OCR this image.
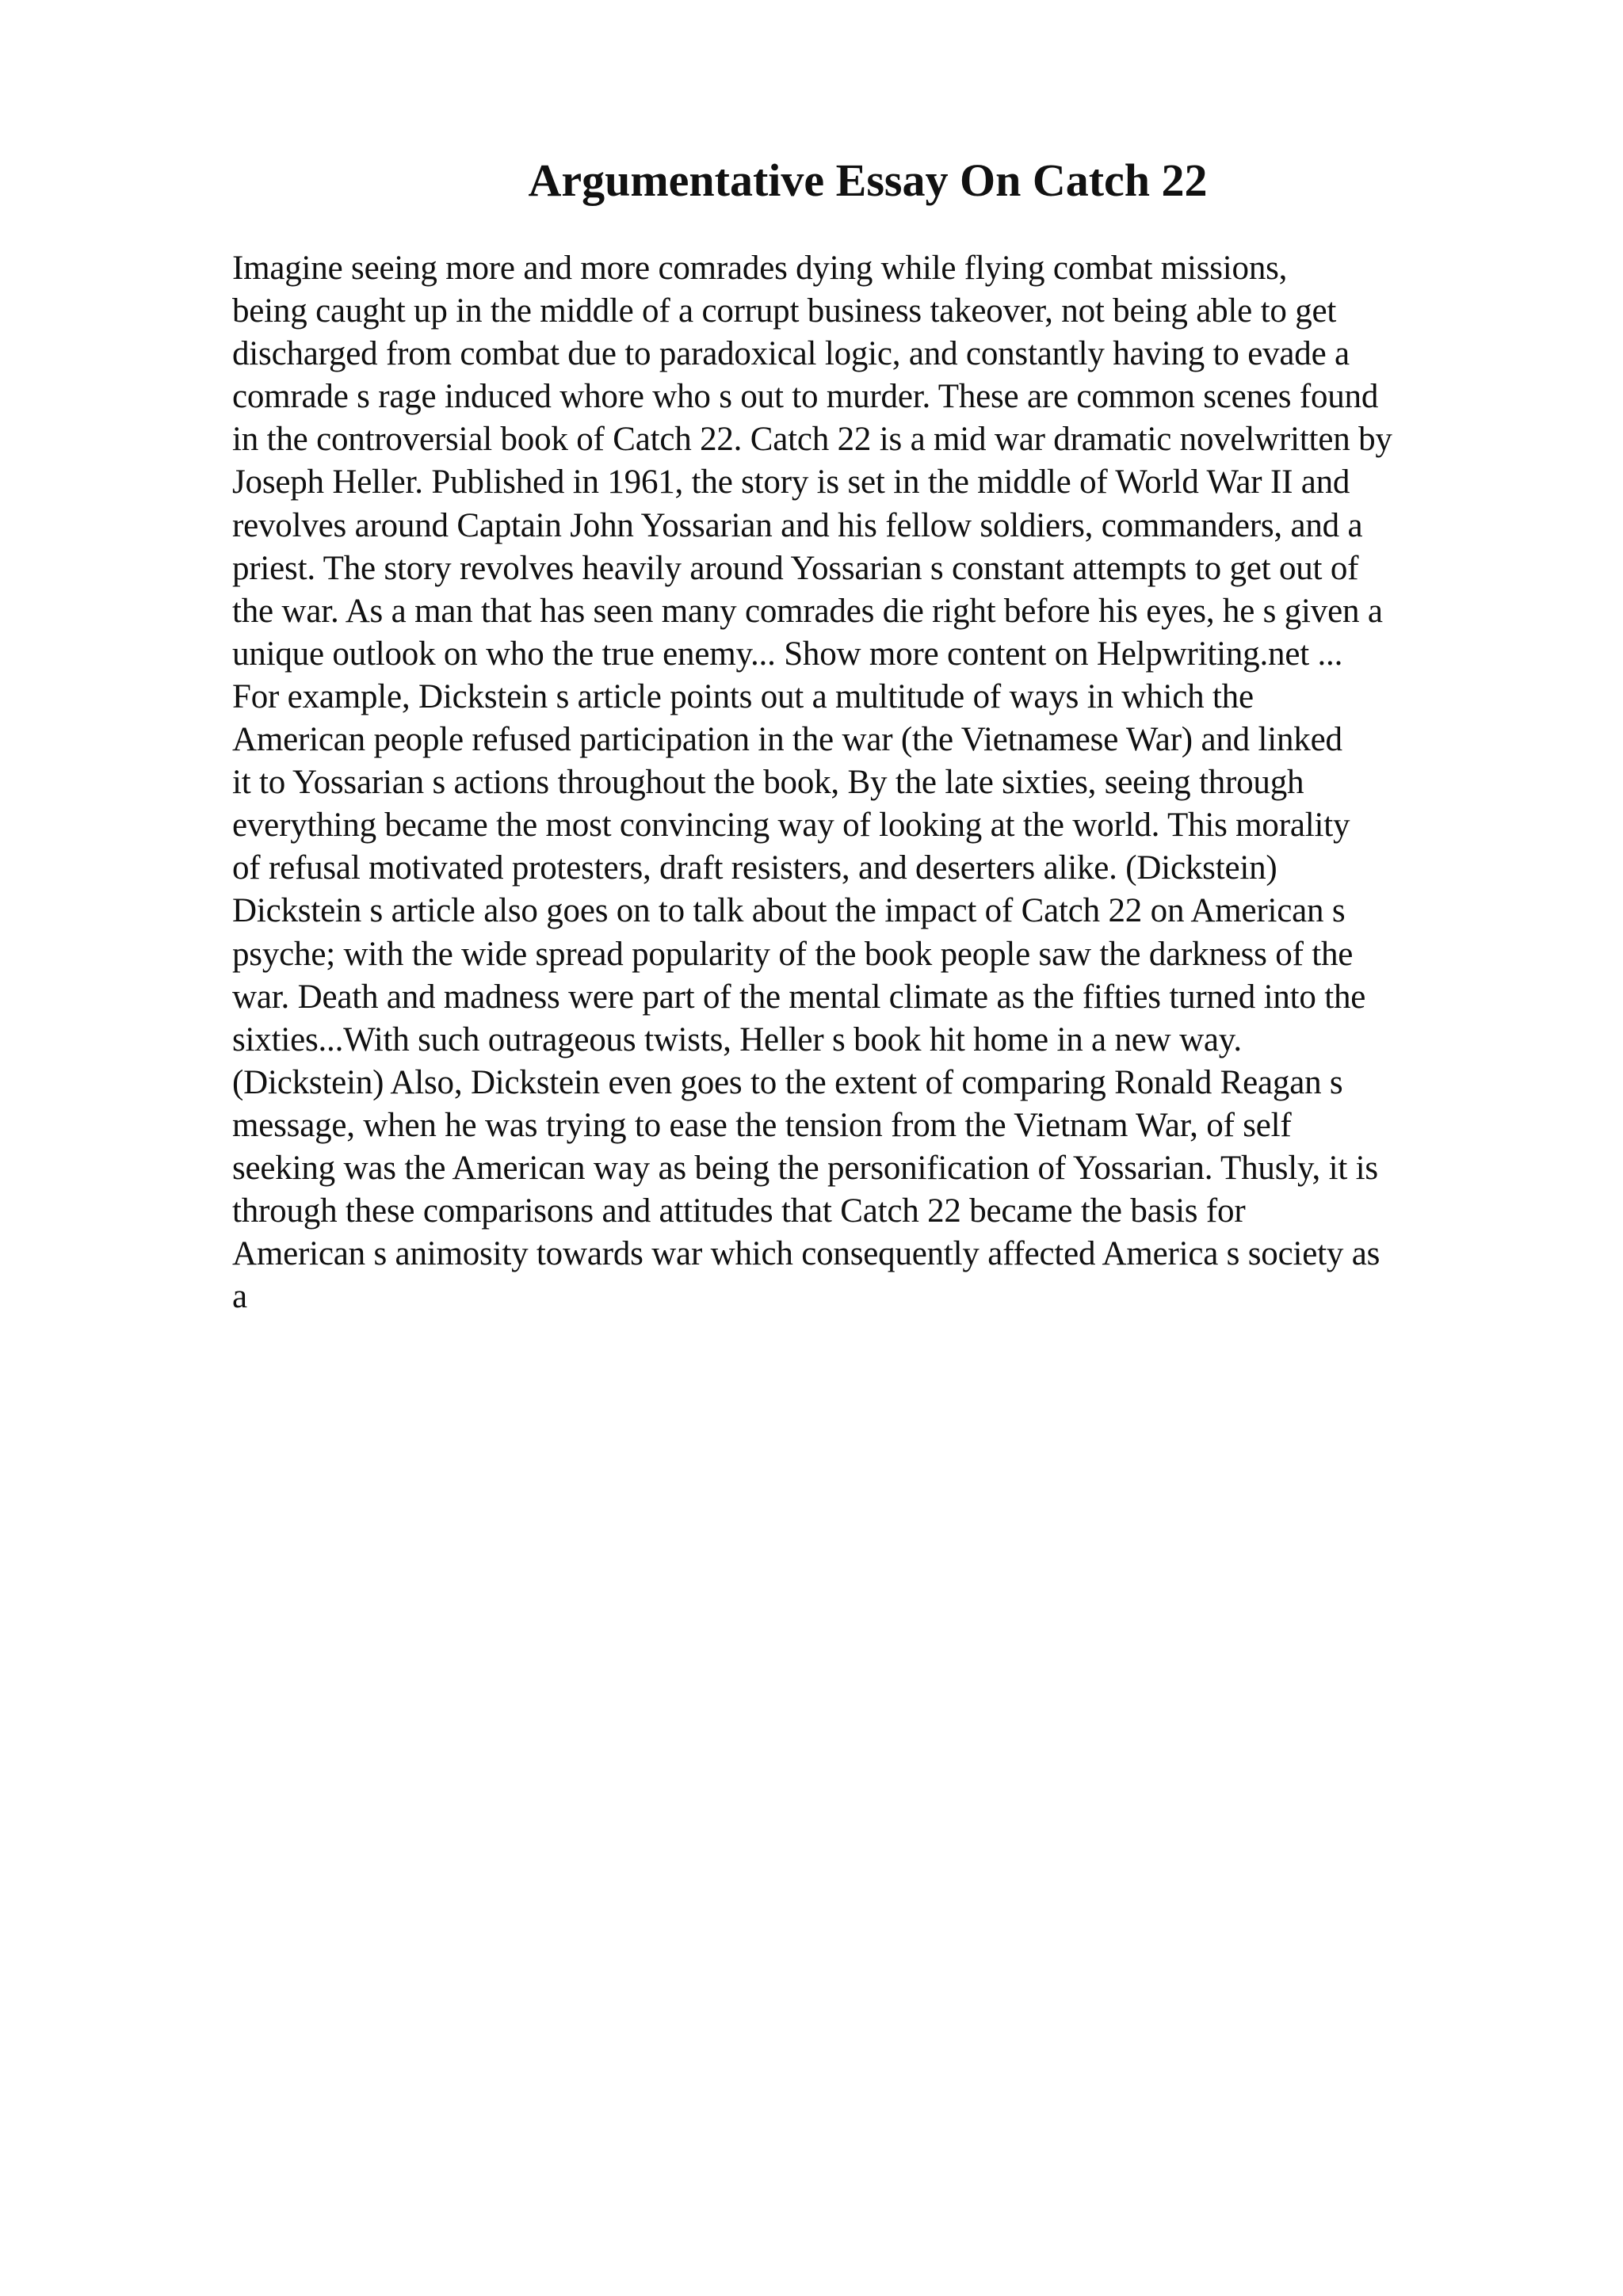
Argumentative Essay On Catch 22
Imagine seeing more and more comrades dying while flying combat missions,
being caught up in the middle of a corrupt business takeover, not being able to get
discharged from combat due to paradoxical logic, and constantly having to evade a
comrade s rage induced whore who s out to murder. These are common scenes found
in the controversial book of Catch 22. Catch 22 is a mid war dramatic novelwritten by
Joseph Heller. Published in 1961, the story is set in the middle of World War II and
revolves around Captain John Yossarian and his fellow soldiers, commanders, and a
priest. The story revolves heavily around Yossarian s constant attempts to get out of
the war. As a man that has seen many comrades die right before his eyes, he s given a
unique outlook on who the true enemy... Show more content on Helpwriting.net ...
For example, Dickstein s article points out a multitude of ways in which the
American people refused participation in the war (the Vietnamese War) and linked
it to Yossarian s actions throughout the book, By the late sixties, seeing through
everything became the most convincing way of looking at the world. This morality
of refusal motivated protesters, draft resisters, and deserters alike. (Dickstein)
Dickstein s article also goes on to talk about the impact of Catch 22 on American s
psyche; with the wide spread popularity of the book people saw the darkness of the
war. Death and madness were part of the mental climate as the fifties turned into the
sixties...With such outrageous twists, Heller s book hit home in a new way.
(Dickstein) Also, Dickstein even goes to the extent of comparing Ronald Reagan s
message, when he was trying to ease the tension from the Vietnam War, of self
seeking was the American way as being the personification of Yossarian. Thusly, it is
through these comparisons and attitudes that Catch 22 became the basis for
American s animosity towards war which consequently affected America s society as
a
